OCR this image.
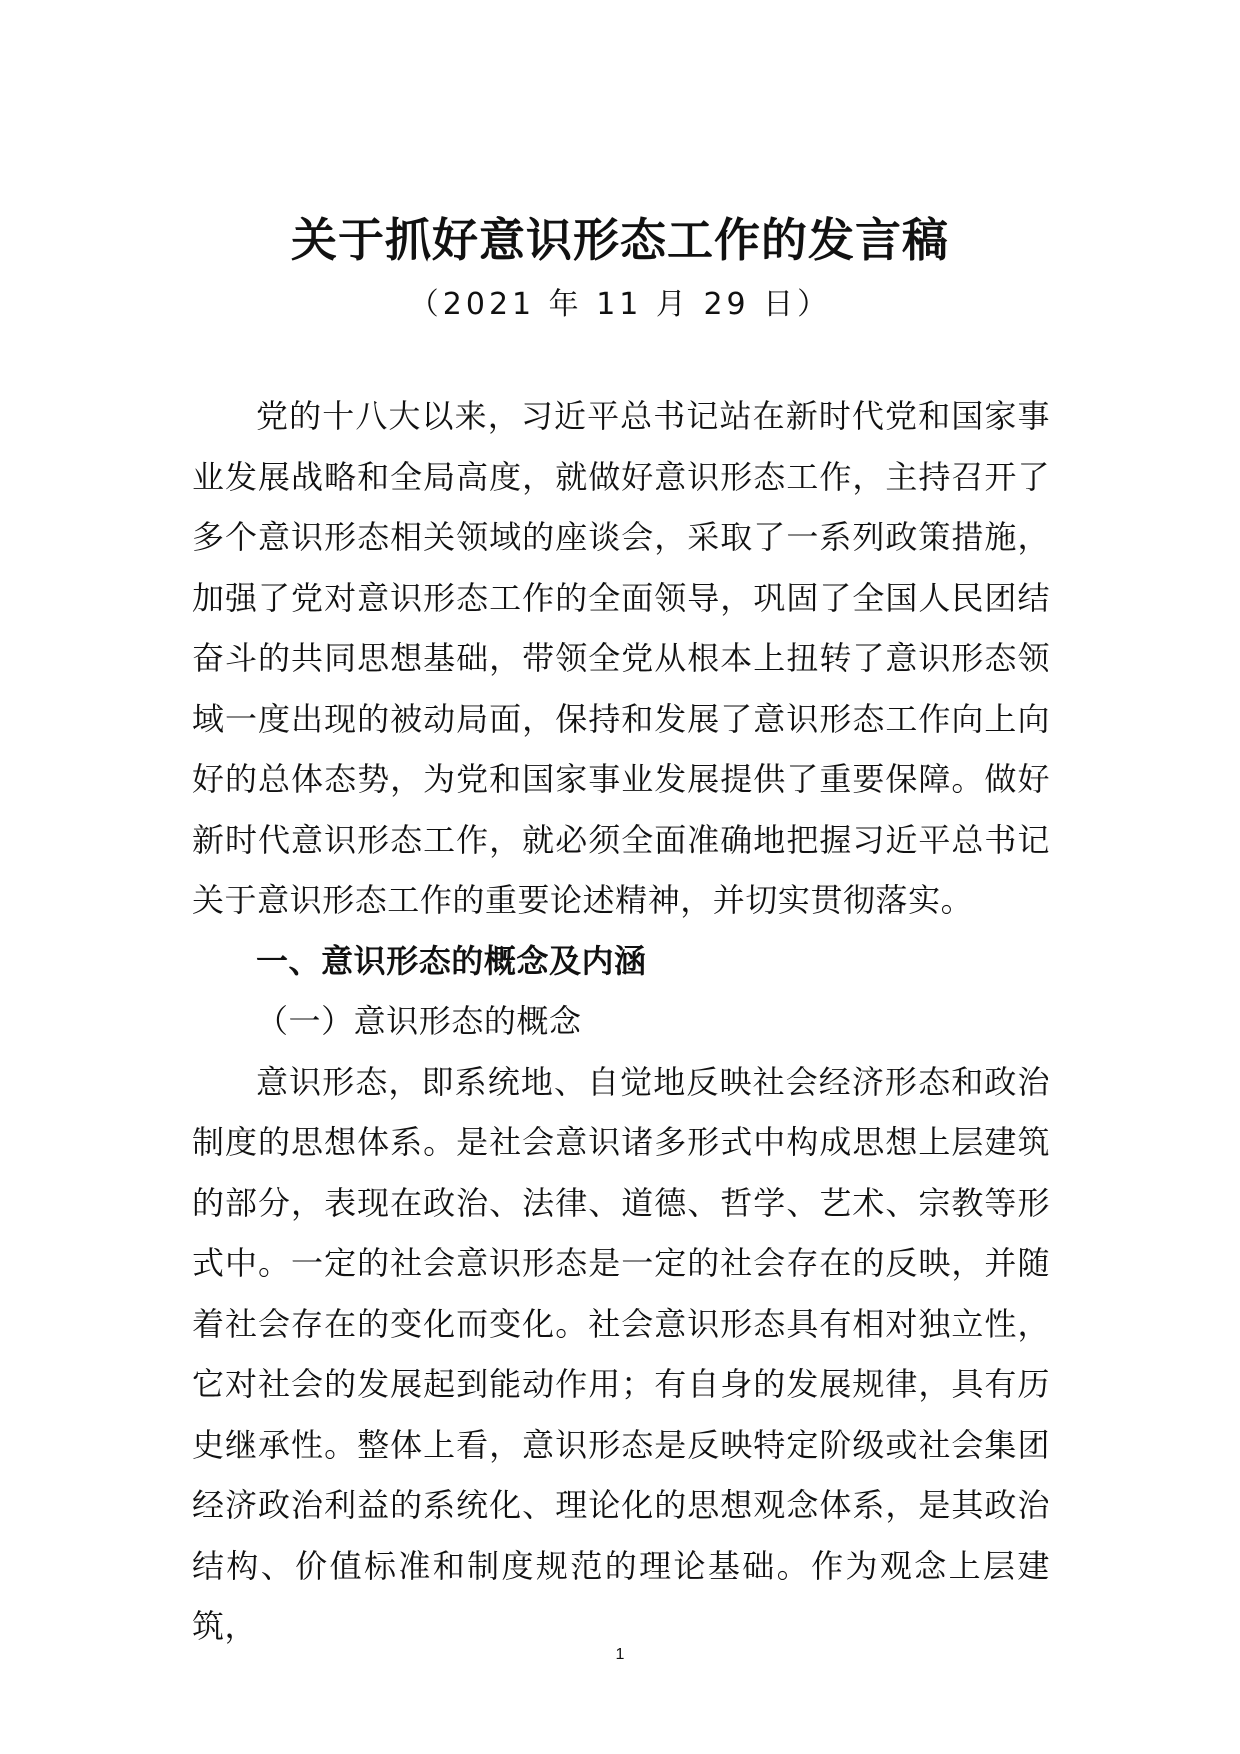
关于抓好意识形态工作的发言稿
（2021 年 11 月 29 日）

党的十八大以来，习近平总书记站在新时代党和国家事业发展战略和全局高度，就做好意识形态工作，主持召开了多个意识形态相关领域的座谈会，采取了一系列政策措施，加强了党对意识形态工作的全面领导，巩固了全国人民团结奋斗的共同思想基础，带领全党从根本上扭转了意识形态领域一度出现的被动局面，保持和发展了意识形态工作向上向好的总体态势，为党和国家事业发展提供了重要保障。做好新时代意识形态工作，就必须全面准确地把握习近平总书记关于意识形态工作的重要论述精神，并切实贯彻落实。

一、意识形态的概念及内涵

（一）意识形态的概念

意识形态，即系统地、自觉地反映社会经济形态和政治制度的思想体系。是社会意识诸多形式中构成思想上层建筑的部分，表现在政治、法律、道德、哲学、艺术、宗教等形式中。一定的社会意识形态是一定的社会存在的反映，并随着社会存在的变化而变化。社会意识形态具有相对独立性，它对社会的发展起到能动作用；有自身的发展规律，具有历史继承性。整体上看，意识形态是反映特定阶级或社会集团经济政治利益的系统化、理论化的思想观念体系，是其政治结构、价值标准和制度规范的理论基础。作为观念上层建筑，

1
